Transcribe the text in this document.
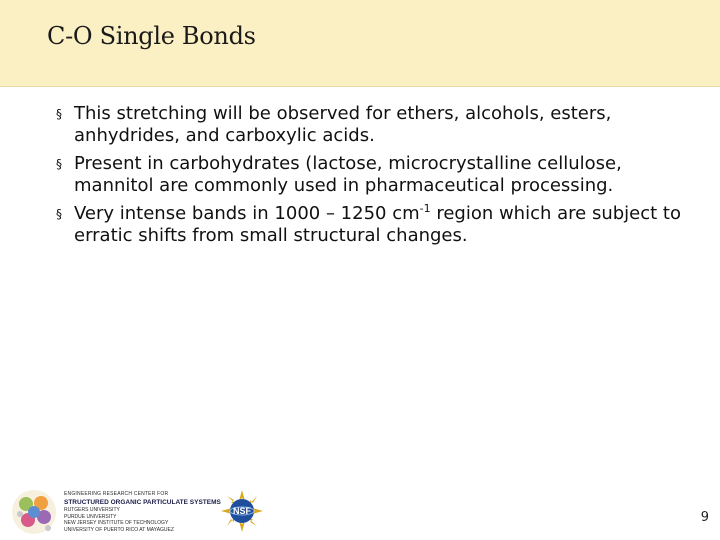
C-O Single Bonds
§ This stretching will be observed for ethers, alcohols, esters, anhydrides, and carboxylic acids.
§ Present in carbohydrates (lactose, microcrystalline cellulose, mannitol are commonly used in pharmaceutical processing.
§ Very intense bands in 1000 – 1250 $cm^{-1}$ region which are subject to erratic shifts from small structural changes.
ENGINEERING RESEARCH CENTER FOR
STRUCTURED ORGANIC PARTICULATE SYSTEMS
RUTGERS UNIVERSITY
PURDUE UNIVERSITY
NEW JERSEY INSTITUTE OF TECHNOLOGY
UNIVERSITY OF PUERTO RICO AT MAYAGUEZ
NSF	9
